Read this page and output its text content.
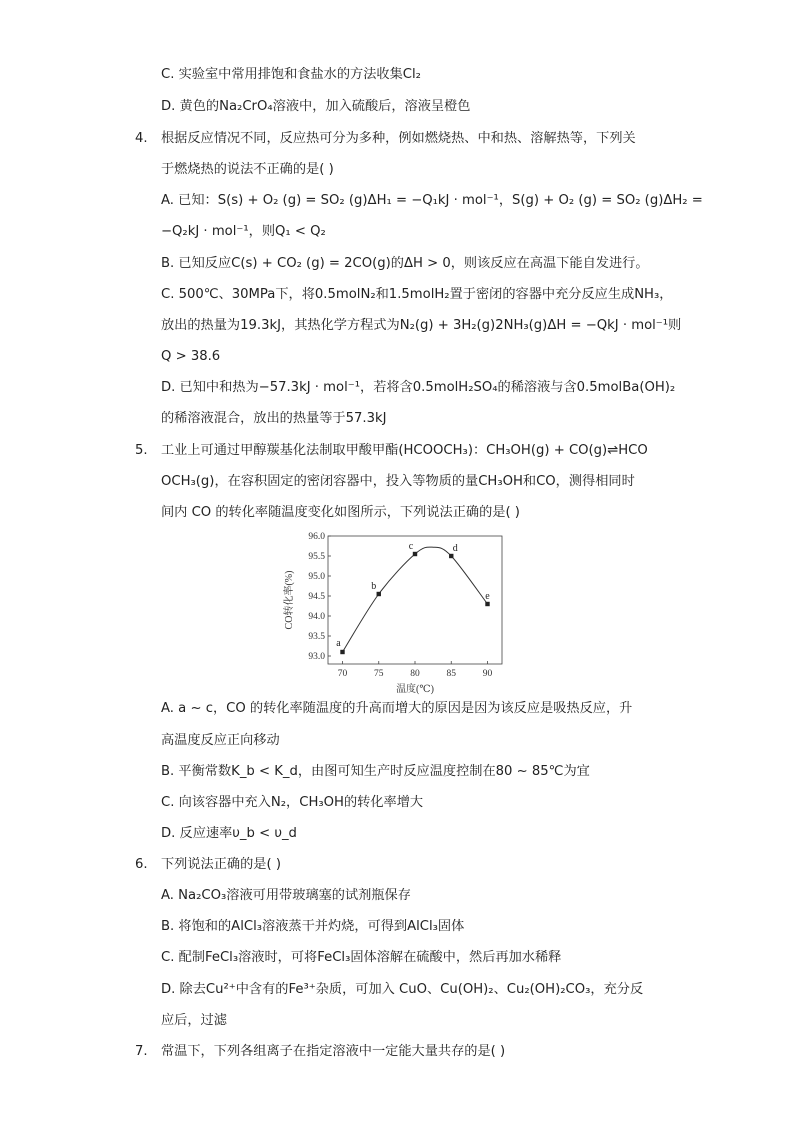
C. 实验室中常用排饱和食盐水的方法收集Cl₂
D. 黄色的Na₂CrO₄溶液中，加入硫酸后，溶液呈橙色
4. 根据反应情况不同，反应热可分为多种，例如燃烧热、中和热、溶解热等，下列关
于燃烧热的说法不正确的是( )
A. 已知：S(s) + O₂ (g) = SO₂ (g)ΔH₁ = −Q₁kJ · mol⁻¹，S(g) + O₂ (g) = SO₂ (g)ΔH₂ =
−Q₂kJ · mol⁻¹，则Q₁ < Q₂
B. 已知反应C(s) + CO₂ (g) = 2CO(g)的ΔH > 0，则该反应在高温下能自发进行。
C. 500℃、30MPa下，将0.5molN₂和1.5molH₂置于密闭的容器中充分反应生成NH₃，
放出的热量为19.3kJ，其热化学方程式为N₂(g) + 3H₂(g)2NH₃(g)ΔH = −QkJ · mol⁻¹则
Q > 38.6
D. 已知中和热为−57.3kJ · mol⁻¹，若将含0.5molH₂SO₄的稀溶液与含0.5molBa(OH)₂
的稀溶液混合，放出的热量等于57.3kJ
5. 工业上可通过甲醇羰基化法制取甲酸甲酯(HCOOCH₃)：CH₃OH(g) + CO(g)⇌HCO
OCH₃(g)，在容积固定的密闭容器中，投入等物质的量CH₃OH和CO，测得相同时
间内 CO 的转化率随温度变化如图所示，下列说法正确的是( )
70	75	80	85	90
93.0
93.5
94.0
94.5
95.0
95.5
96.0
温度(℃)
CO转化率(%)
a
b
c	d
e
A. a ~ c，CO 的转化率随温度的升高而增大的原因是因为该反应是吸热反应，升
高温度反应正向移动
B. 平衡常数K_b < K_d，由图可知生产时反应温度控制在80 ~ 85℃为宜
C. 向该容器中充入N₂，CH₃OH的转化率增大
D. 反应速率υ_b < υ_d
6. 下列说法正确的是( )
A. Na₂CO₃溶液可用带玻璃塞的试剂瓶保存
B. 将饱和的AlCl₃溶液蒸干并灼烧，可得到AlCl₃固体
C. 配制FeCl₃溶液时，可将FeCl₃固体溶解在硫酸中，然后再加水稀释
D. 除去Cu²⁺中含有的Fe³⁺杂质，可加入 CuO、Cu(OH)₂、Cu₂(OH)₂CO₃，充分反
应后，过滤
7. 常温下，下列各组离子在指定溶液中一定能大量共存的是( )
